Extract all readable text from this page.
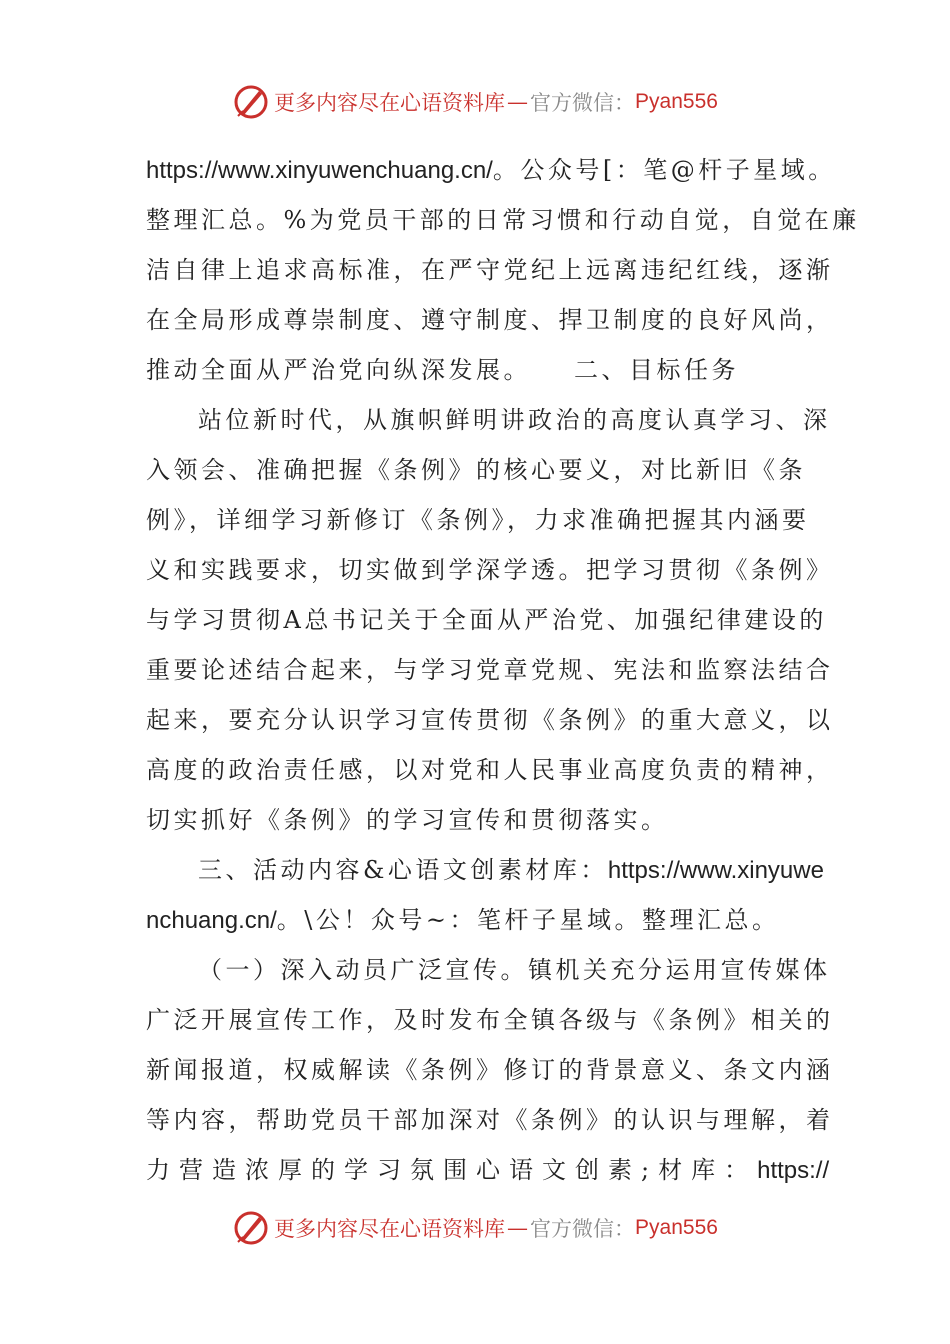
更多内容尽在心语资料库 — 官方微信： Pyan556
https://www.xinyuwenchuang.cn/。公众号[：笔@杆子星域。
整理汇总。%为党员干部的日常习惯和行动自觉，自觉在廉
洁自律上追求高标准，在严守党纪上远离违纪红线，逐渐
在全局形成尊崇制度、遵守制度、捍卫制度的良好风尚，
推动全面从严治党向纵深发展。　　二、目标任务
站位新时代，从旗帜鲜明讲政治的高度认真学习、深
入领会、准确把握《条例》的核心要义，对比新旧《条
例》，详细学习新修订《条例》，力求准确把握其内涵要
义和实践要求，切实做到学深学透。把学习贯彻《条例》
与学习贯彻A总书记关于全面从严治党、加强纪律建设的
重要论述结合起来，与学习党章党规、宪法和监察法结合
起来，要充分认识学习宣传贯彻《条例》的重大意义，以
高度的政治责任感，以对党和人民事业高度负责的精神，
切实抓好《条例》的学习宣传和贯彻落实。
三、活动内容&心语文创素材库：https://www.xinyuwe
nchuang.cn/。\公！众号~：笔杆子星域。整理汇总。
（一）深入动员广泛宣传。镇机关充分运用宣传媒体
广泛开展宣传工作，及时发布全镇各级与《条例》相关的
新闻报道，权威解读《条例》修订的背景意义、条文内涵
等内容，帮助党员干部加深对《条例》的认识与理解，着
力营造浓厚的学习氛围心语文创素;材库：https://
更多内容尽在心语资料库 — 官方微信： Pyan556
